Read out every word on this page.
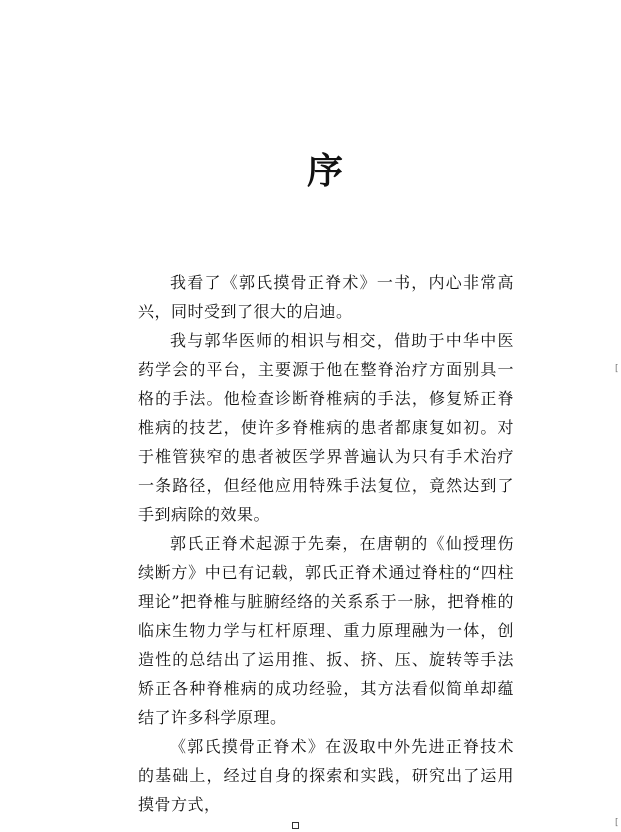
序

我看了《郭氏摸骨正脊术》一书，内心非常高兴，同时受到了很大的启迪。

我与郭华医师的相识与相交，借助于中华中医药学会的平台，主要源于他在整脊治疗方面别具一格的手法。他检查诊断脊椎病的手法，修复矫正脊椎病的技艺，使许多脊椎病的患者都康复如初。对于椎管狭窄的患者被医学界普遍认为只有手术治疗一条路径，但经他应用特殊手法复位，竟然达到了手到病除的效果。

郭氏正脊术起源于先秦，在唐朝的《仙授理伤续断方》中已有记载，郭氏正脊术通过脊柱的“四柱理论”把脊椎与脏腑经络的关系系于一脉，把脊椎的临床生物力学与杠杆原理、重力原理融为一体，创造性的总结出了运用推、扳、挤、压、旋转等手法矫正各种脊椎病的成功经验，其方法看似简单却蕴结了许多科学原理。

《郭氏摸骨正脊术》在汲取中外先进正脊技术的基础上，经过自身的探索和实践，研究出了运用摸骨方式，

[
[
